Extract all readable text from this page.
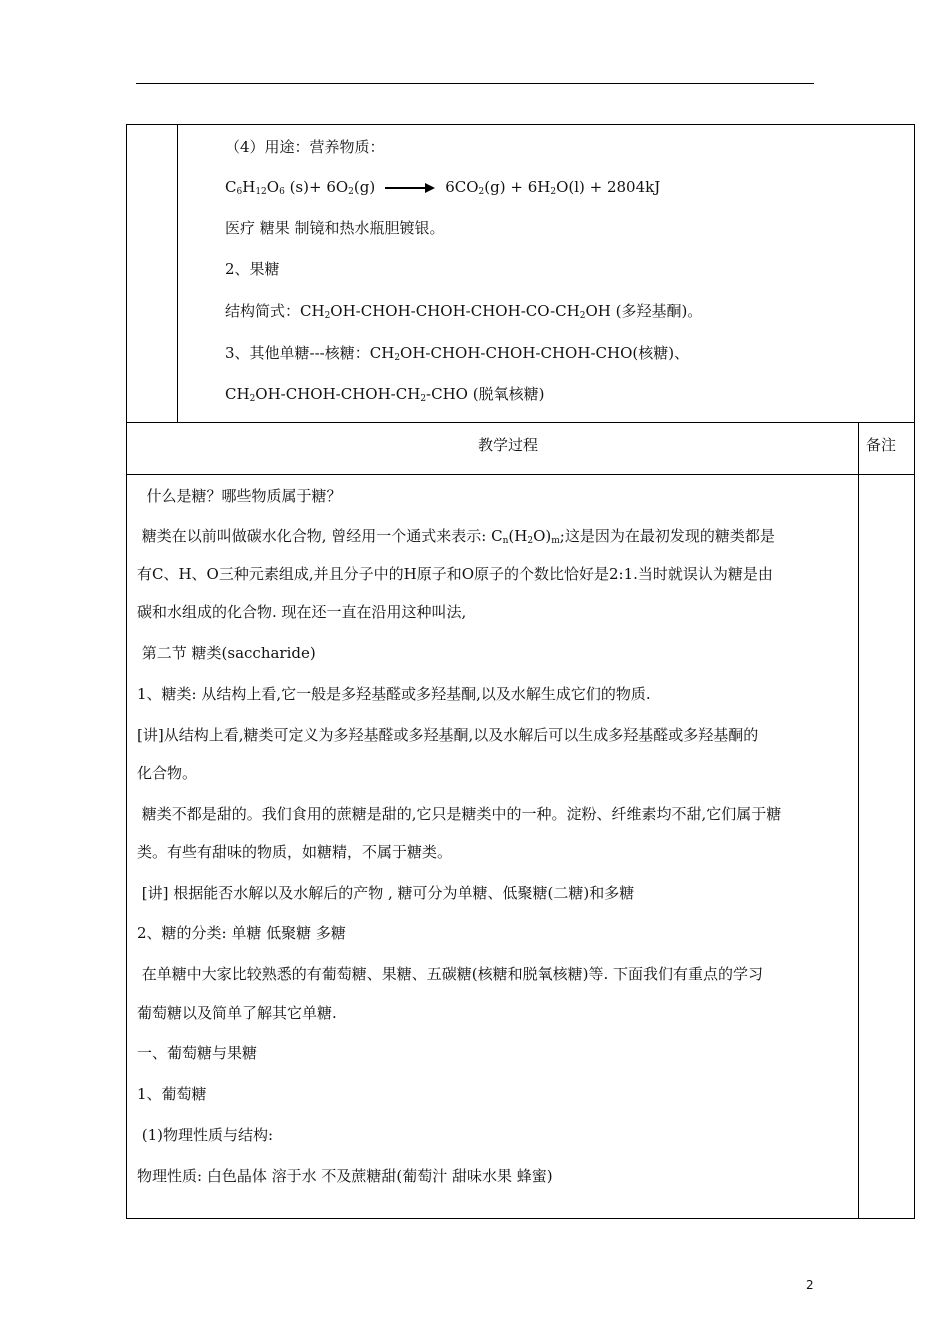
（4）用途：营养物质：
$C_6H_{12}O_6$ $(s)+ 6O_2(g)$	$6CO_2(g) + 6H_2O(l) + 2804kJ$
医疗 糖果 制镜和热水瓶胆镀银。
2、果糖
结构简式：$CH_2OH-CHOH-CHOH-CHOH-CO-CH_2OH$ (多羟基酮)。
3、其他单糖---核糖：$CH_2OH-CHOH-CHOH-CHOH-CHO$(核糖)、
$CH_2OH-CHOH-CHOH-CH_2$-CHO (脱氧核糖)
教学过程	备注
什么是糖？哪些物质属于糖？
糖类在以前叫做碳水化合物, 曾经用一个通式来表示: $C_n(H_2O)_m$;这是因为在最初发现的糖类都是
有C、H、O三种元素组成,并且分子中的H原子和O原子的个数比恰好是2:1.当时就误认为糖是由
碳和水组成的化合物. 现在还一直在沿用这种叫法,
第二节 糖类(saccharide)
1、糖类: 从结构上看,它一般是多羟基醛或多羟基酮,以及水解生成它们的物质.
[讲]从结构上看,糖类可定义为多羟基醛或多羟基酮,以及水解后可以生成多羟基醛或多羟基酮的
化合物。
糖类不都是甜的。我们食用的蔗糖是甜的,它只是糖类中的一种。淀粉、纤维素均不甜,它们属于糖
类。有些有甜味的物质，如糖精，不属于糖类。
[讲] 根据能否水解以及水解后的产物 , 糖可分为单糖、低聚糖(二糖)和多糖
2、糖的分类: 单糖 低聚糖 多糖
在单糖中大家比较熟悉的有葡萄糖、果糖、五碳糖(核糖和脱氧核糖)等. 下面我们有重点的学习
葡萄糖以及简单了解其它单糖.
一、葡萄糖与果糖
1、葡萄糖
(1)物理性质与结构:
物理性质: 白色晶体 溶于水 不及蔗糖甜(葡萄汁 甜味水果 蜂蜜)
2
